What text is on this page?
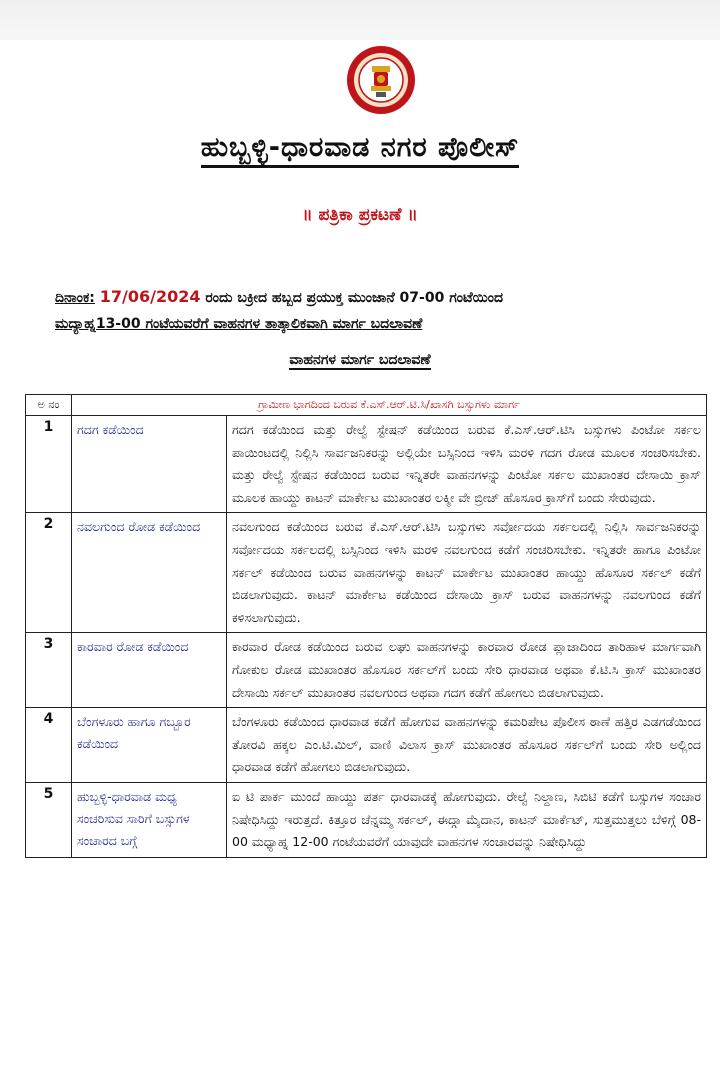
ಹುಬ್ಬಳ್ಳಿ-ಧಾರವಾಡ ನಗರ ಪೊಲೀಸ್
॥ ಪತ್ರಿಕಾ ಪ್ರಕಟಣೆ ॥
ದಿನಾಂಕ: 17/06/2024 ರಂದು ಬಕ್ರೀದ ಹಬ್ಬದ ಪ್ರಯುಕ್ತ ಮುಂಜಾನೆ 07-00 ಗಂಟೆಯಿಂದ
ಮದ್ಯಾಹ್ನ13-00 ಗಂಟೆಯವರೆಗೆ ವಾಹನಗಳ ತಾತ್ಕಾಲಿಕವಾಗಿ ಮಾರ್ಗ ಬದಲಾವಣೆ
ವಾಹನಗಳ ಮಾರ್ಗ ಬದಲಾವಣೆ
ಅ ನಂ	ಗ್ರಾಮೀಣ ಭಾಗದಿಂದ ಬರುವ ಕೆ.ಎಸ್.ಆರ್.ಟಿ.ಸಿ/ಖಾಸಗಿ ಬಸ್ಸುಗಳು ಮಾರ್ಗ	
1	ಗದಗ ಕಡೆಯಿಂದ	ಗದಗ ಕಡೆಯಿಂದ ಮತ್ತು ರೇಲ್ವೆ ಸ್ಟೇಷನ್ ಕಡೆಯಿಂದ ಬರುವ ಕೆ.ಎಸ್.ಆರ್.ಟಿಸಿ ಬಸ್ಸುಗಳು ಪಿಂಟೋ ಸರ್ಕಲ ಪಾಯಿಂಟದಲ್ಲಿ ನಿಲ್ಲಿಸಿ ಸಾರ್ವಜನಿಕರನ್ನು ಅಲ್ಲಿಯೇ ಬಸ್ಸಿನಿಂದ ಇಳಿಸಿ ಮರಳಿ ಗದಗ ರೋಡ ಮೂಲಕ ಸಂಚರಿಸಬೇಕು. ಮತ್ತು ರೇಲ್ವೆ ಸ್ಟೇಷನ ಕಡೆಯಿಂದ ಬರುವ ಇನ್ನಿತರೇ ವಾಹನಗಳನ್ನು ಪಿಂಟೋ ಸರ್ಕಲ ಮುಖಾಂತರ ದೇಸಾಯಿ ಕ್ರಾಸ್ ಮೂಲಕ ಹಾಯ್ದು ಕಾಟನ್ ಮಾರ್ಕೇಟ ಮುಖಾಂತರ ಲಕ್ಮೀ ವೇ ಬ್ರೀಜ್ ಹೊಸೂರ ಕ್ರಾಸ್‌ಗೆ ಬಂದು ಸೇರುವುದು.
2	ನವಲಗುಂದ ರೋಡ ಕಡೆಯಿಂದ	ನವಲಗುಂದ ಕಡೆಯಿಂದ ಬರುವ ಕೆ.ಎಸ್.ಆರ್.ಟಿಸಿ ಬಸ್ಸುಗಳು ಸರ್ವೋದಯ ಸರ್ಕಲದಲ್ಲಿ ನಿಲ್ಲಿಸಿ ಸಾರ್ವಜನಿಕರನ್ನು ಸರ್ವೋದಯ ಸರ್ಕಲದಲ್ಲಿ ಬಸ್ಸಿನಿಂದ ಇಳಿಸಿ ಮರಳಿ ನವಲಗುಂದ ಕಡೆಗೆ ಸಂಚರಿಸಬೇಕು. ಇನ್ನಿತರೇ ಹಾಗೂ ಪಿಂಟೋ ಸರ್ಕಲ್ ಕಡೆಯಿಂದ ಬರುವ ವಾಹನಗಳನ್ನು ಕಾಟನ್ ಮಾರ್ಕೇಟ ಮುಖಾಂತರ ಹಾಯ್ದು ಹೊಸೂರ ಸರ್ಕಲ್ ಕಡೆಗೆ ಬಿಡಲಾಗುವುದು. ಕಾಟನ್ ಮಾರ್ಕೇಟ ಕಡೆಯಿಂದ ದೇಸಾಯಿ ಕ್ರಾಸ್ ಬರುವ ವಾಹನಗಳನ್ನು ನವಲಗುಂದ ಕಡೆಗೆ ಕಳಿಸಲಾಗುವುದು.
3	ಕಾರವಾರ ರೋಡ ಕಡೆಯಿಂದ	ಕಾರವಾರ ರೋಡ ಕಡೆಯಿಂದ ಬರುವ ಲಘು ವಾಹನಗಳನ್ನು ಕಾರವಾರ ರೋಡ ಪ್ಲಾಜಾದಿಂದ ತಾರಿಹಾಳ ಮಾರ್ಗವಾಗಿ ಗೋಕುಲ ರೋಡ ಮುಖಾಂತರ ಹೊಸೂರ ಸರ್ಕಲ್‌ಗೆ ಬಂದು ಸೇರಿ ಧಾರವಾಡ ಅಥವಾ ಕೆ.ಟಿ.ಸಿ ಕ್ರಾಸ್ ಮುಖಾಂತರ ದೇಸಾಯಿ ಸರ್ಕಲ್ ಮುಖಾಂತರ ನವಲಗುಂದ ಅಥವಾ ಗದಗ ಕಡೆಗೆ ಹೋಗಲು ಬಿಡಲಾಗುವುದು.
4	ಬೆಂಗಳೂರು ಹಾಗೂ ಗಬ್ಬೂರ ಕಡೆಯಿಂದ	ಬೆಂಗಳೂರು ಕಡೆಯಿಂದ ಧಾರವಾಡ ಕಡೆಗೆ ಹೋಗುವ ವಾಹನಗಳನ್ನು ಕಮರಿಪೇಟ ಪೊಲೀಸ ಠಾಣೆ ಹತ್ತಿರ ಎಡಗಡೆಯಿಂದ ತೋರವಿ ಹಕ್ಕಲ ಎಂ.ಟಿ.ಮಿಲ್, ವಾಣಿ ವಿಲಾಸ ಕ್ರಾಸ್ ಮುಖಾಂತರ ಹೊಸೂರ ಸರ್ಕಲ್‌ಗೆ ಬಂದು ಸೇರಿ ಅಲ್ಲಿಂದ ಧಾರವಾಡ ಕಡೆಗೆ ಹೋಗಲು ಬಿಡಲಾಗುವುದು.
5	ಹುಬ್ಬಳ್ಳಿ-ಧಾರವಾಡ ಮಧ್ಯ ಸಂಚರಿಸುವ ಸಾರಿಗೆ ಬಸ್ಸುಗಳ ಸಂಚಾರದ ಬಗ್ಗೆ	ಐ ಟಿ ಪಾರ್ಕ ಮುಂದೆ ಹಾಯ್ದು ಪರ್ತ ಧಾರವಾಡಕ್ಕೆ ಹೋಗುವುದು. ರೇಲ್ವೆ ನಿಲ್ದಾಣ, ಸಿಬಿಟಿ ಕಡೆಗೆ ಬಸ್ಸುಗಳ ಸಂಚಾರ ನಿಷೇಧಿಸಿದ್ದು ಇರುತ್ತದೆ. ಕಿತ್ತೂರ ಚೆನ್ನಮ್ಮ ಸರ್ಕಲ್, ಈದ್ಗಾ ಮೈದಾನ, ಕಾಟನ್ ಮಾರ್ಕೆಟ್, ಸುತ್ತಮುತ್ತಲು ಬೆಳಿಗ್ಗೆ 08-00 ಮಧ್ಯಾಹ್ನ 12-00 ಗಂಟೆಯವರೆಗೆ ಯಾವುದೇ ವಾಹನಗಳ ಸಂಚಾರವನ್ನು ನಿಷೇಧಿಸಿದ್ದು
